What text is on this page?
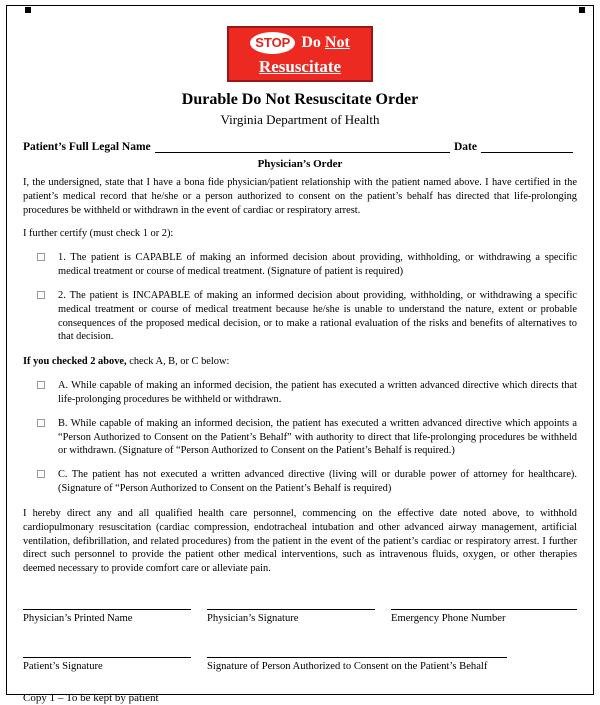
STOP Do Not
Resuscitate
Durable Do Not Resuscitate Order
Virginia Department of Health
Patient’s Full Legal Name	Date
Physician’s Order

I, the undersigned, state that I have a bona fide physician/patient relationship with the patient named above. I have certified in the patient’s medical record that he/she or a person authorized to consent on the patient’s behalf has directed that life-prolonging procedures be withheld or withdrawn in the event of cardiac or respiratory arrest.

I further certify (must check 1 or 2):

1. The patient is CAPABLE of making an informed decision about providing, withholding, or withdrawing a specific medical treatment or course of medical treatment. (Signature of patient is required)
2. The patient is INCAPABLE of making an informed decision about providing, withholding, or withdrawing a specific medical treatment or course of medical treatment because he/she is unable to understand the nature, extent or probable consequences of the proposed medical decision, or to make a rational evaluation of the risks and benefits of alternatives to that decision.

If you checked 2 above, check A, B, or C below:

A. While capable of making an informed decision, the patient has executed a written advanced directive which directs that life-prolonging procedures be withheld or withdrawn.
B. While capable of making an informed decision, the patient has executed a written advanced directive which appoints a “Person Authorized to Consent on the Patient’s Behalf” with authority to direct that life-prolonging procedures be withheld or withdrawn. (Signature of “Person Authorized to Consent on the Patient’s Behalf is required.)
C. The patient has not executed a written advanced directive (living will or durable power of attorney for healthcare). (Signature of “Person Authorized to Consent on the Patient’s Behalf is required)

I hereby direct any and all qualified health care personnel, commencing on the effective date noted above, to withhold cardiopulmonary resuscitation (cardiac compression, endotracheal intubation and other advanced airway management, artificial ventilation, defibrillation, and related procedures) from the patient in the event of the patient’s cardiac or respiratory arrest. I further direct such personnel to provide the patient other medical interventions, such as intravenous fluids, oxygen, or other therapies deemed necessary to provide comfort care or alleviate pain.

Physician’s Printed Name	Physician’s Signature	Emergency Phone Number
Patient’s Signature	Signature of Person Authorized to Consent on the Patient’s Behalf
Copy 1 – To be kept by patient
